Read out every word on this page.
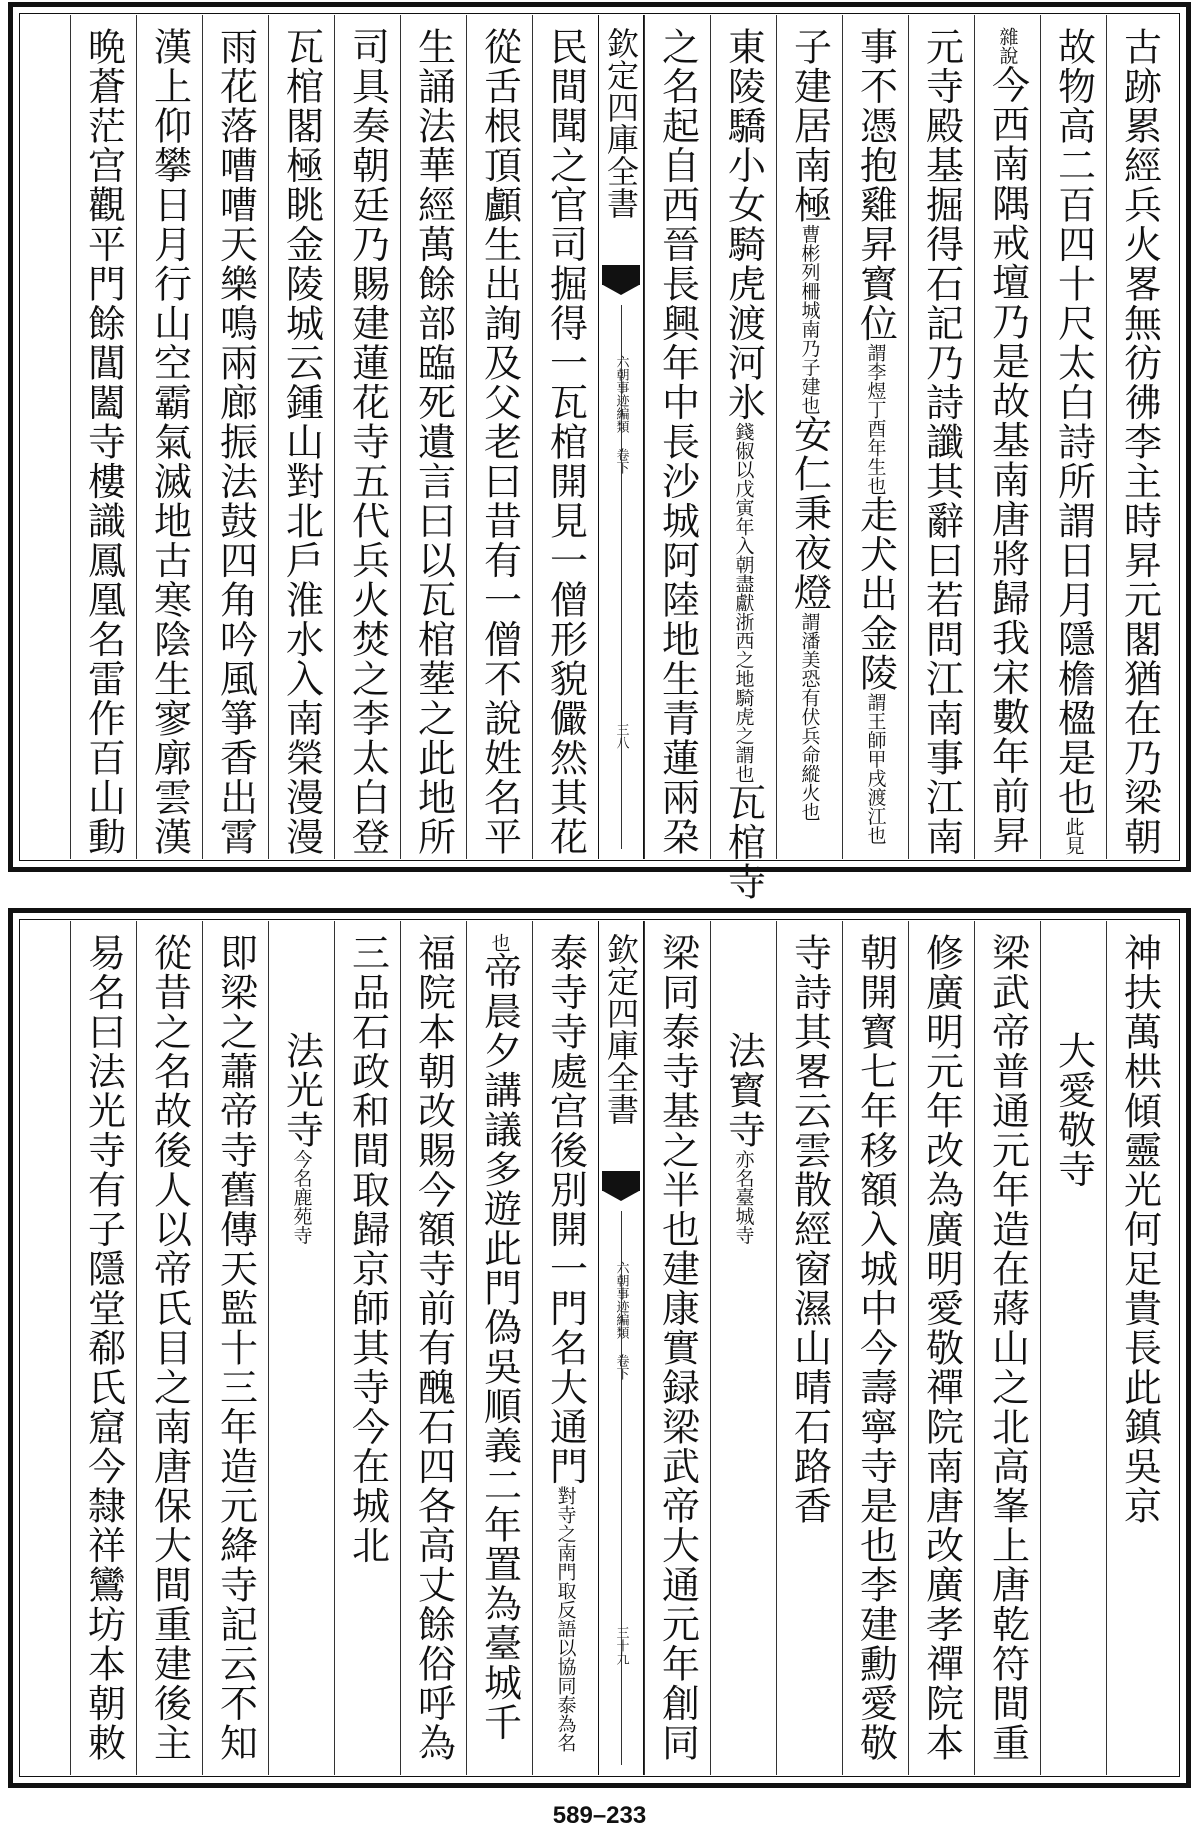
古跡累經兵火畧無彷彿李主時昇元閣猶在乃梁朝
故物高二百四十尺太白詩所謂日月隱檐楹是也此見
雜說今西南隅戒壇乃是故基南唐將歸我宋數年前昇
元寺殿基掘得石記乃詩讖其辭曰若問江南事江南
事不憑抱雞昇寳位謂李煜丁酉年生也走犬出金陵謂王師甲戌渡江也
子建居南極曹彬列柵城南乃子建也安仁秉夜燈謂潘美恐有伏兵命縱火也
東陵驕小女騎虎渡河氷錢俶以戊寅年入朝盡獻浙西之地騎虎之謂也瓦棺寺
之名起自西晉長興年中長沙城阿陸地生青蓮兩朶
欽定四庫全書
六朝事迹編類 卷下
三八
民間聞之官司掘得一瓦棺開見一僧形貌儼然其花
從舌根頂顱生出詢及父老曰昔有一僧不說姓名平
生誦法華經萬餘部臨死遺言曰以瓦棺塟之此地所
司具奏朝廷乃賜建蓮花寺五代兵火焚之李太白登
瓦棺閣極眺金陵城云鍾山對北戶淮水入南榮漫漫
雨花落嘈嘈天樂鳴兩廊振法鼓四角吟風箏香出霄
漢上仰攀日月行山空霸氣滅地古寒陰生寥廓雲漢
晩蒼茫宫觀平門餘閶闔寺樓識鳳凰名雷作百山動
神扶萬栱傾靈光何足貴長此鎮吳京
大愛敬寺
梁武帝普通元年造在蔣山之北高峯上唐乾符間重
修廣明元年改為廣明愛敬禪院南唐改廣孝禪院本
朝開寳七年移額入城中今壽寧寺是也李建勳愛敬
寺詩其畧云雲散經窗濕山晴石路香
法寳寺亦名臺城寺
梁同泰寺基之半也建康實録梁武帝大通元年創同
欽定四庫全書
六朝事迹編類 卷下
三十九
泰寺寺處宫後別開一門名大通門對寺之南門取反語以協同泰為名
也帝晨夕講議多遊此門偽吳順義二年置為臺城千
福院本朝改賜今額寺前有醜石四各高丈餘俗呼為
三品石政和間取歸京師其寺今在城北
法光寺今名鹿苑寺
即梁之蕭帝寺舊傳天監十三年造元絳寺記云不知
從昔之名故後人以帝氏目之南唐保大間重建後主
易名曰法光寺有子隱堂郗氏窟今隸祥鸞坊本朝敕
589–233
